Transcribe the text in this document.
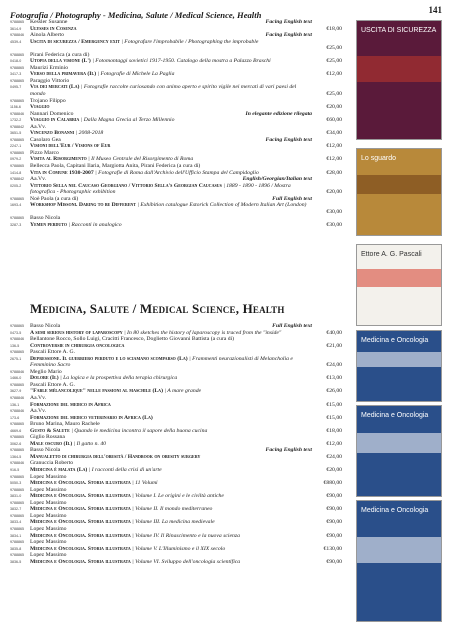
Fotografia / Photography - Medicina, Salute / Medical Science, Health	141
9788865
3614-9
Kessler Susanne
Ulysses in Cosenza
Facing English text
€18,00
9788846
4539-4
Ainola Alberto
Uscita di sicurezza / Emergency exit | Fotografare l'improbabile / Photographing the improbable
Facing English text
€25,00
9788865
0418-0
Pirani Federica (a cura di)
Utopia della visione (L') | Fotomontaggi sovietici 1917-1950. Catalogo della mostra a Palazzo Braschi	€25,00
9788865
3417-3
Maurizi Erminio
Verso della primavera (Il) | Fotografie di Michele La Paglia	€12,00
9788865
0495-7
Paraggio Vittorio
Via dei mercati (La) | Fotografie raccolte curiosando con animo aperto e spirito vigile nei mercati di vari paesi del mondo	€25,00
9788865
1156-6
Trojano Filippo
Viaggio	€20,00
9788846
1732-2
Nannari Domenico
Viaggio in Calabria | Dalla Magna Grecia al Terzo Millennio
In elegante edizione rilegata
€60,00
9788842
3651-5
Aa.Vv.
Vincenzo Bonanni | 2008-2018	€34,00
9788865
2247-1
Casolaro Gea
Visioni dell'Eur / Visions of Eur
Facing English text
€12,00
9788865
0979-2
Pizzo Marco
Visita al Risorgimento | Il Museo Centrale del Risorgimento di Roma	€12,00
9788865
1414-8
Bellecca Paola, Capitani Ilaria, Margiotta Anita, Pirani Federica (a cura di)
Vita in Comune 1930-2007 | Fotografie di Roma dall'Archivio dell'Ufficio Stampa del Campidoglio	€28,00
9788842
0205-2
Aa.Vv.
Vittorio Sella nel Caucaso Georgiano / Vittorio Sella's Georgian Caucasus | 1889 - 1890 - 1896 / Mostra fotografica - Photographic exhibition
English/Georgian/Italian text
€20,00
9788865
1693-4
Noè Paola (a cura di)
Workshop Missoni. Daring to be Different | Exhibition catalogue Estorick Collection of Modern Italian Art (London)
Full English text
€30,00
9788865
3287-3
Basso Nicola
Yemen perduto | Racconti in analogico	€30,00
Medicina, Salute / Medical Science, Health
9788865
0473-5
Basso Nicola
A semi serious history of laparoscopy | In 80 sketches the history of laparoscopy is traced from the "inside"
Full English text
€40,00
9788846
136-5
Bellantone Rocco, Sollo Luigi, Cracitti Francesco, Doglietto Giovanni Battista (a cura di)
Controversie in chirurgia oncologica	€21,00
9788865
2675-1
Pascali Ettore A. G.
Depressione. Il guerriero perduto e lo sciamano scomparso (La) | Frammenti neurazionalisti di Melancholia e Femminino Sacro	€24,00
9788846
1466-0
Meglio Mario
Dolore (Il) | La logica e la prospettiva della terapia chirurgica	€13,00
9788865
3627-9
Pascali Ettore A. G.
"Fable mélancolique" nelle passioni al maschile (La) | A mare grande	€26,00
9788846
136-1
Aa.Vv.
Formazione del medico in Africa	€15,00
9788846
173-6
Aa.Vv.
Formazione del medico veterinario in Africa (La)	€15,00
9788865
4669-6
Bruno Marina, Mauro Rachele
Gusto & Salute | Quando le medicina incontra il sapore della buona cucina	€18,00
9788865
3062-6
Giglio Rossana
Male oscuro (Il) | Il gatto n. 40	€12,00
9788865
1364-5
Basso Nicola
Manualetto di chirurgia dell'obesità / Handbook on obesity surgery
Facing English text
€24,00
9788846
916-5
Granuccia Roberto
Medicina è malata (La) | I racconti della crisi di un'arte	€20,00
9788865
5050-3
Lopez Massimo
Medicina e Oncologia. Storia illustrata | 11 Volumi	€880,00
9788865
3831-0
Lopez Massimo
Medicina e Oncologia. Storia illustrata | Volume I. Le origini e le civiltà antiche	€90,00
9788865
3832-7
Lopez Massimo
Medicina e Oncologia. Storia illustrata | Volume II. Il mondo mediterraneo	€90,00
9788865
3833-4
Lopez Massimo
Medicina e Oncologia. Storia illustrata | Volume III. La medicina medievale	€90,00
9788865
3834-1
Lopez Massimo
Medicina e Oncologia. Storia illustrata | Volume IV. Il Rinascimento e la nuova scienza	€90,00
9788865
3835-8
Lopez Massimo
Medicina e Oncologia. Storia illustrata | Volume V. L'Illuminismo e il XIX secolo	€130,00
9788865
3836-5
Lopez Massimo
Medicina e Oncologia. Storia illustrata | Volume VI. Sviluppo dell'oncologia scientifica	€90,00
USCITA DI SICUREZZA
Lo sguardo
Ettore A. G. Pascali
Medicina e Oncologia
Medicina e Oncologia
Medicina e Oncologia
